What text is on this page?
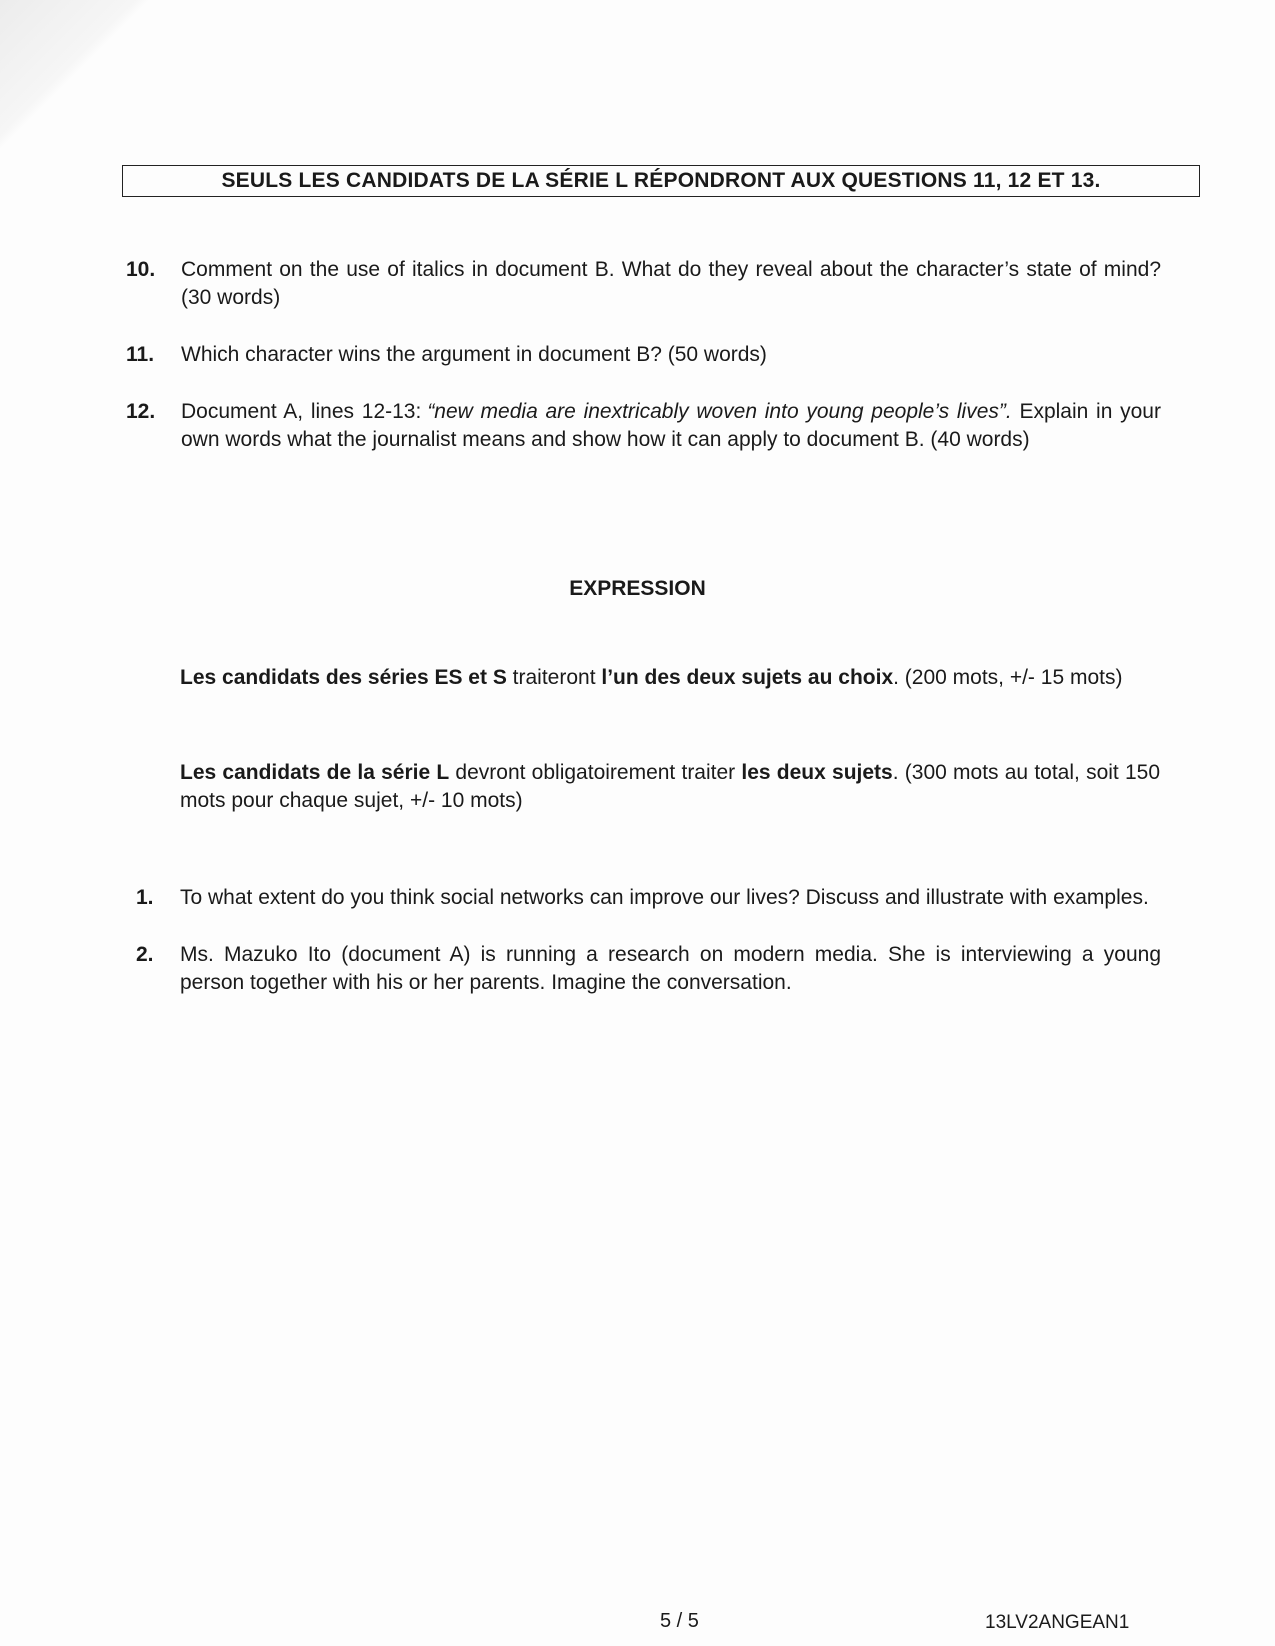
SEULS LES CANDIDATS DE LA SÉRIE L RÉPONDRONT AUX QUESTIONS 11, 12 ET 13.
10.	Comment on the use of italics in document B. What do they reveal about the character’s state of mind? (30 words)
11.	Which character wins the argument in document B? (50 words)
12.	Document A, lines 12-13: “new media are inextricably woven into young people’s lives”. Explain in your own words what the journalist means and show how it can apply to document B. (40 words)
EXPRESSION
Les candidats des séries ES et S traiteront l’un des deux sujets au choix. (200 mots, +/- 15 mots)
Les candidats de la série L devront obligatoirement traiter les deux sujets. (300 mots au total, soit 150 mots pour chaque sujet, +/- 10 mots)
1.	To what extent do you think social networks can improve our lives? Discuss and illustrate with examples.
2.	Ms. Mazuko Ito (document A) is running a research on modern media. She is interviewing a young person together with his or her parents. Imagine the conversation.
5 / 5	13LV2ANGEAN1
